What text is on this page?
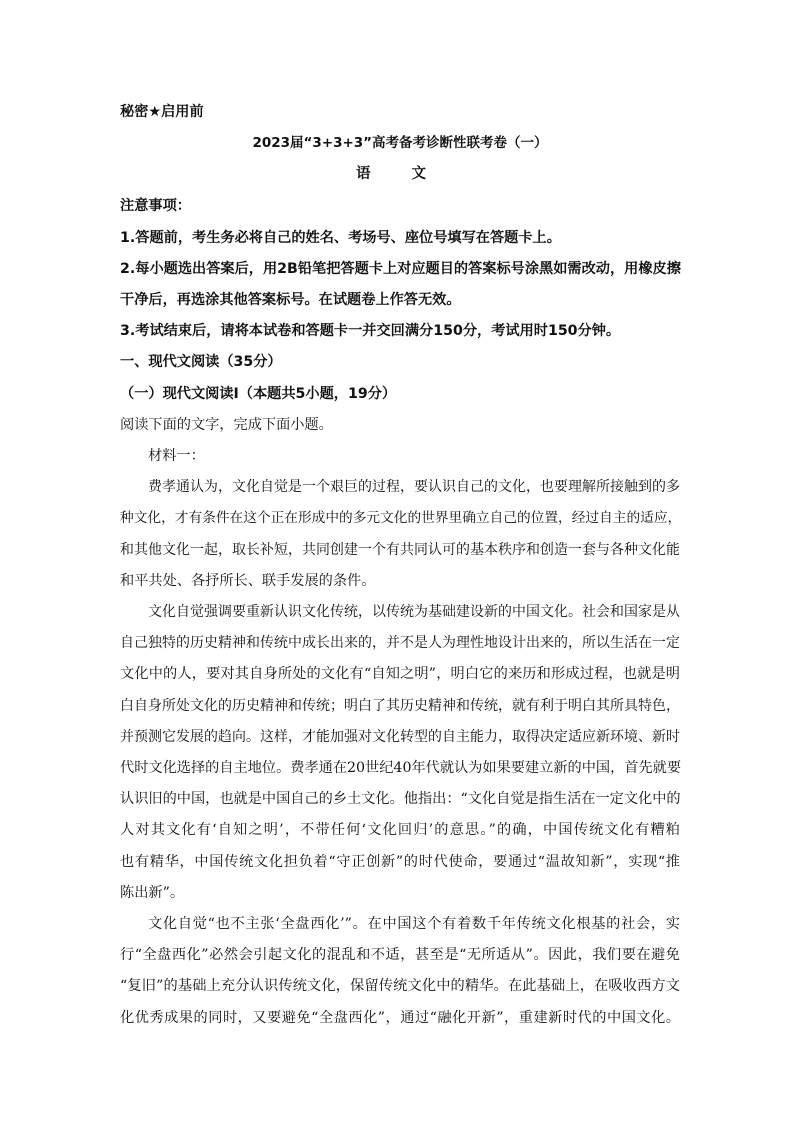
秘密★启用前
2023届“3+3+3”高考备考诊断性联考卷（一）
语 文
注意事项：
1.答题前，考生务必将自己的姓名、考场号、座位号填写在答题卡上。
2.每小题选出答案后，用2B铅笔把答题卡上对应题目的答案标号涂黑如需改动，用橡皮擦
干净后，再选涂其他答案标号。在试题卷上作答无效。
3.考试结束后，请将本试卷和答题卡一并交回满分150分，考试用时150分钟。
一、现代文阅读（35分）
（一）现代文阅读Ⅰ（本题共5小题，19分）
阅读下面的文字，完成下面小题。
材料一：
费孝通认为，文化自觉是一个艰巨的过程，要认识自己的文化，也要理解所接触到的多
种文化，才有条件在这个正在形成中的多元文化的世界里确立自己的位置，经过自主的适应，
和其他文化一起，取长补短，共同创建一个有共同认可的基本秩序和创造一套与各种文化能
和平共处、各抒所长、联手发展的条件。
文化自觉强调要重新认识文化传统，以传统为基础建设新的中国文化。社会和国家是从
自己独特的历史精神和传统中成长出来的，并不是人为理性地设计出来的，所以生活在一定
文化中的人，要对其自身所处的文化有“自知之明”，明白它的来历和形成过程，也就是明
白自身所处文化的历史精神和传统；明白了其历史精神和传统，就有利于明白其所具特色，
并预测它发展的趋向。这样，才能加强对文化转型的自主能力，取得决定适应新环境、新时
代时文化选择的自主地位。费孝通在20世纪40年代就认为如果要建立新的中国，首先就要
认识旧的中国，也就是中国自己的乡土文化。他指出：“文化自觉是指生活在一定文化中的
人对其文化有‘自知之明’，不带任何‘文化回归’的意思。”的确，中国传统文化有糟粕
也有精华，中国传统文化担负着“守正创新”的时代使命，要通过“温故知新”，实现“推
陈出新”。
文化自觉“也不主张‘全盘西化’”。在中国这个有着数千年传统文化根基的社会，实
行“全盘西化”必然会引起文化的混乱和不适，甚至是“无所适从”。因此，我们要在避免
“复旧”的基础上充分认识传统文化，保留传统文化中的精华。在此基础上，在吸收西方文
化优秀成果的同时，又要避免“全盘西化”，通过“融化开新”，重建新时代的中国文化。
